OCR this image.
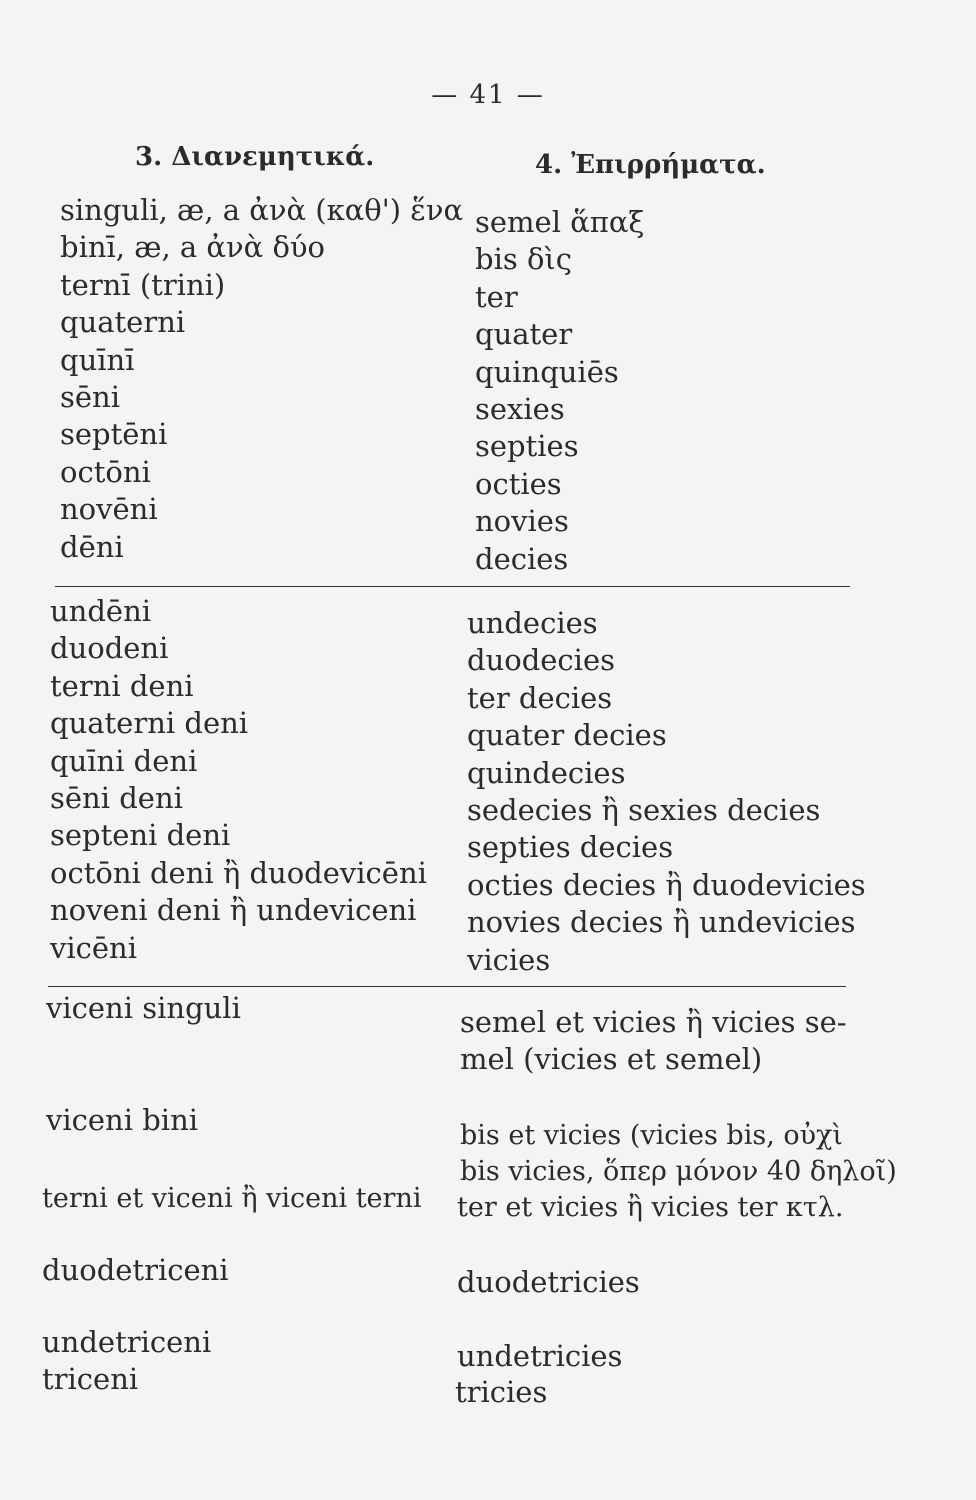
— 41 —
3. Διανεμητικά.	4. Ἐπιρρήματα.
singuli, æ, a ἀνὰ (καθ') ἕνα
binī, æ, a ἀνὰ δύο
ternī (trini)
quaterni
quīnī
sēni
septēni
octōni
novēni
dēni
semel ἅπαξ
bis δὶς
ter
quater
quinquiēs
sexies
septies
octies
novies
decies
undēni
duodeni
terni deni
quaterni deni
quīni deni
sēni deni
septeni deni
octōni deni ἢ duodevicēni
noveni deni ἢ undeviceni
vicēni
undecies
duodecies
ter decies
quater decies
quindecies
sedecies ἢ sexies decies
septies decies
octies decies ἢ duodevicies
novies decies ἢ undevicies
vicies
viceni singuli
viceni bini
terni et viceni ἢ viceni terni
duodetriceni
undetriceni
triceni
semel et vicies ἢ vicies se-
mel (vicies et semel)
bis et vicies (vicies bis, οὐχὶ
bis vicies, ὅπερ μόνον 40 δηλοῖ)
ter et vicies ἢ vicies ter κτλ.
duodetricies
undetricies
tricies
